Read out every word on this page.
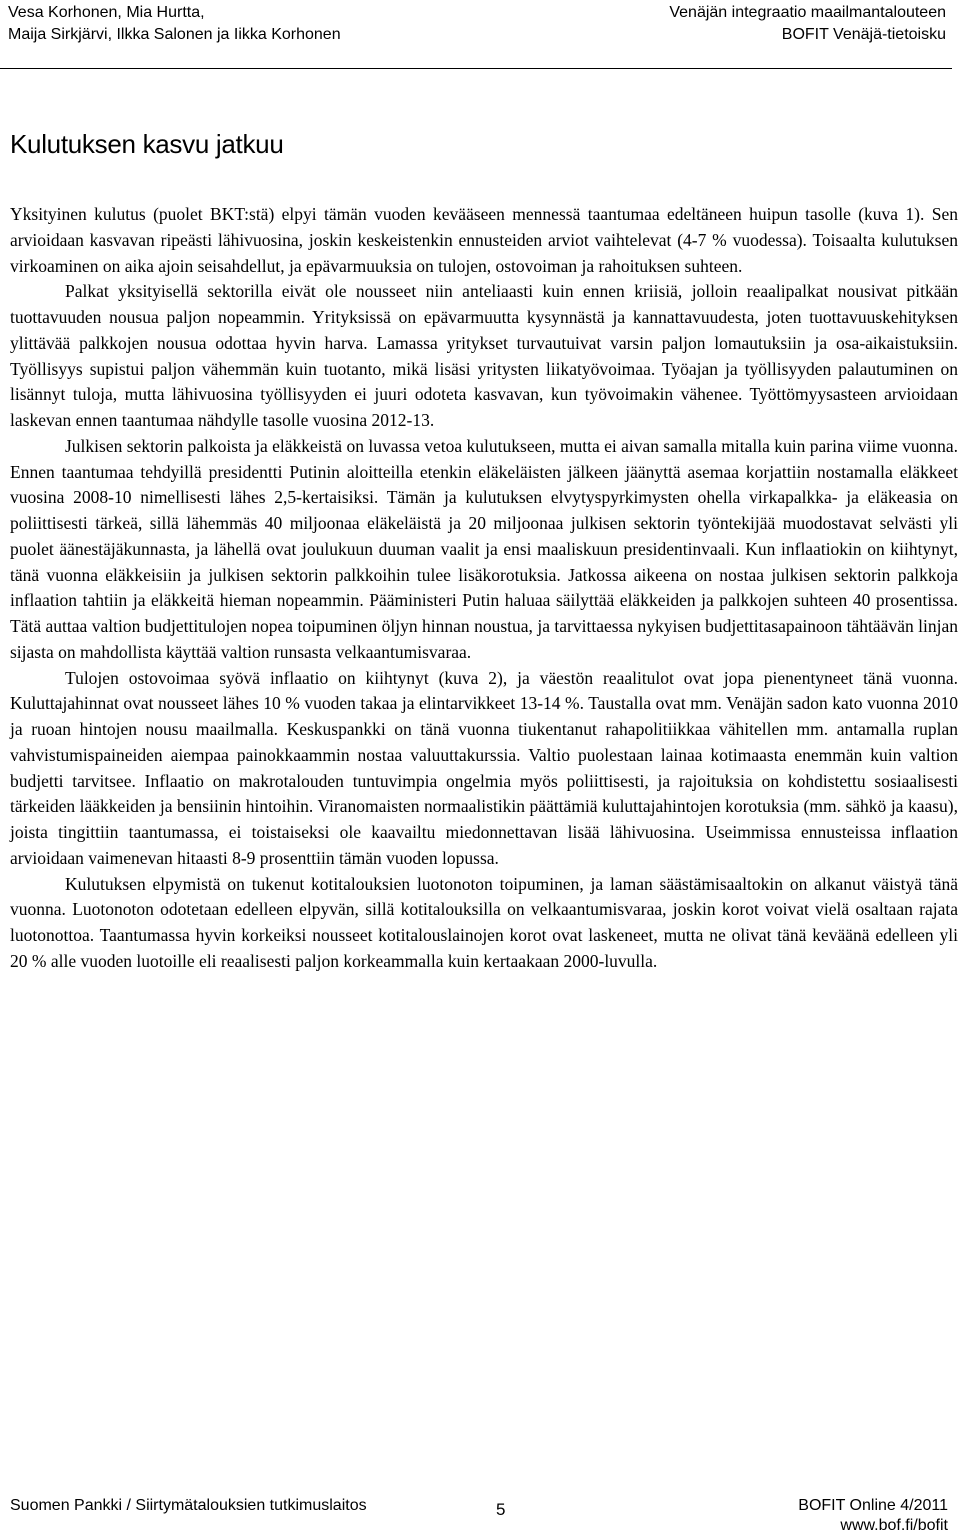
Vesa Korhonen, Mia Hurtta,
Maija Sirkjärvi, Ilkka Salonen ja Iikka Korhonen
Venäjän integraatio maailmantalouteen
BOFIT Venäjä-tietoisku
Kulutuksen kasvu jatkuu

Yksityinen kulutus (puolet BKT:stä) elpyi tämän vuoden kevääseen mennessä taantumaa edeltäneen huipun tasolle (kuva 1). Sen arvioidaan kasvavan ripeästi lähivuosina, joskin keskeistenkin ennusteiden arviot vaihtelevat (4-7 % vuodessa). Toisaalta kulutuksen virkoaminen on aika ajoin seisahdellut, ja epävarmuuksia on tulojen, ostovoiman ja rahoituksen suhteen.

Palkat yksityisellä sektorilla eivät ole nousseet niin anteliaasti kuin ennen kriisiä, jolloin reaalipalkat nousivat pitkään tuottavuuden nousua paljon nopeammin. Yrityksissä on epävarmuutta kysynnästä ja kannattavuudesta, joten tuottavuuskehityksen ylittävää palkkojen nousua odottaa hyvin harva. Lamassa yritykset turvautuivat varsin paljon lomautuksiin ja osa-aikaistuksiin. Työllisyys supistui paljon vähemmän kuin tuotanto, mikä lisäsi yritysten liikatyövoimaa. Työajan ja työllisyyden palautuminen on lisännyt tuloja, mutta lähivuosina työllisyyden ei juuri odoteta kasvavan, kun työvoimakin vähenee. Työttömyysasteen arvioidaan laskevan ennen taantumaa nähdylle tasolle vuosina 2012-13.

Julkisen sektorin palkoista ja eläkkeistä on luvassa vetoa kulutukseen, mutta ei aivan samalla mitalla kuin parina viime vuonna. Ennen taantumaa tehdyillä presidentti Putinin aloitteilla etenkin eläkeläisten jälkeen jäänyttä asemaa korjattiin nostamalla eläkkeet vuosina 2008-10 nimellisesti lähes 2,5-kertaisiksi. Tämän ja kulutuksen elvytyspyrkimysten ohella virkapalkka- ja eläkeasia on poliittisesti tärkeä, sillä lähemmäs 40 miljoonaa eläkeläistä ja 20 miljoonaa julkisen sektorin työntekijää muodostavat selvästi yli puolet äänestäjäkunnasta, ja lähellä ovat joulukuun duuman vaalit ja ensi maaliskuun presidentinvaali. Kun inflaatiokin on kiihtynyt, tänä vuonna eläkkeisiin ja julkisen sektorin palkkoihin tulee lisäkorotuksia. Jatkossa aikeena on nostaa julkisen sektorin palkkoja inflaation tahtiin ja eläkkeitä hieman nopeammin. Pääministeri Putin haluaa säilyttää eläkkeiden ja palkkojen suhteen 40 prosentissa. Tätä auttaa valtion budjettitulojen nopea toipuminen öljyn hinnan noustua, ja tarvittaessa nykyisen budjettitasapainoon tähtäävän linjan sijasta on mahdollista käyttää valtion runsasta velkaantumisvaraa.

Tulojen ostovoimaa syövä inflaatio on kiihtynyt (kuva 2), ja väestön reaalitulot ovat jopa pienentyneet tänä vuonna. Kuluttajahinnat ovat nousseet lähes 10 % vuoden takaa ja elintarvikkeet 13-14 %. Taustalla ovat mm. Venäjän sadon kato vuonna 2010 ja ruoan hintojen nousu maailmalla. Keskuspankki on tänä vuonna tiukentanut rahapolitiikkaa vähitellen mm. antamalla ruplan vahvistumispaineiden aiempaa painokkaammin nostaa valuuttakurssia. Valtio puolestaan lainaa kotimaasta enemmän kuin valtion budjetti tarvitsee. Inflaatio on makrotalouden tuntuvimpia ongelmia myös poliittisesti, ja rajoituksia on kohdistettu sosiaalisesti tärkeiden lääkkeiden ja bensiinin hintoihin. Viranomaisten normaalistikin päättämiä kuluttajahintojen korotuksia (mm. sähkö ja kaasu), joista tingittiin taantumassa, ei toistaiseksi ole kaavailtu miedonnettavan lisää lähivuosina. Useimmissa ennusteissa inflaation arvioidaan vaimenevan hitaasti 8-9 prosenttiin tämän vuoden lopussa.

Kulutuksen elpymistä on tukenut kotitalouksien luotonoton toipuminen, ja laman säästämisaaltokin on alkanut väistyä tänä vuonna. Luotonoton odotetaan edelleen elpyvän, sillä kotitalouksilla on velkaantumisvaraa, joskin korot voivat vielä osaltaan rajata luotonottoa. Taantumassa hyvin korkeiksi nousseet kotitalouslainojen korot ovat laskeneet, mutta ne olivat tänä keväänä edelleen yli 20 % alle vuoden luotoille eli reaalisesti paljon korkeammalla kuin kertaakaan 2000-luvulla.

Suomen Pankki / Siirtymätalouksien tutkimuslaitos	5	BOFIT Online 4/2011
www.bof.fi/bofit
